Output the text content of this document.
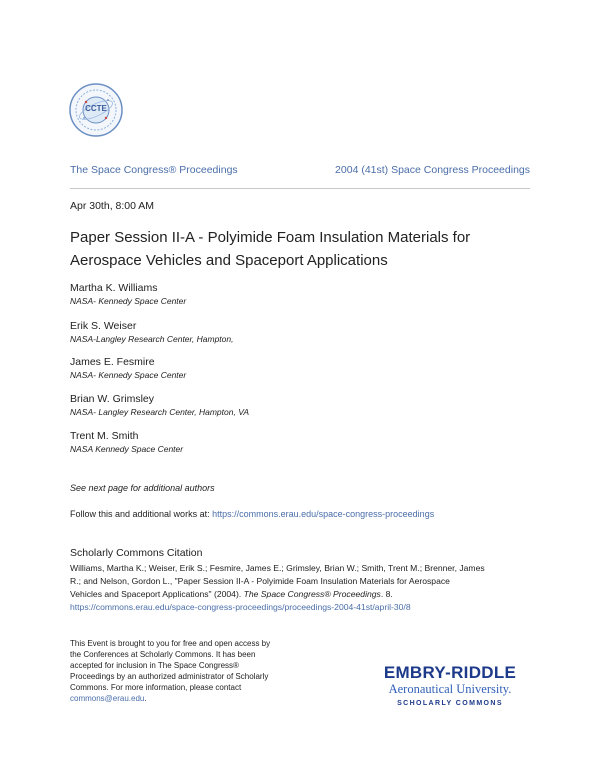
CCTE
The Space Congress® Proceedings	2004 (41st) Space Congress Proceedings
Apr 30th, 8:00 AM
Paper Session II-A - Polyimide Foam Insulation Materials for
Aerospace Vehicles and Spaceport Applications
Martha K. Williams
NASA- Kennedy Space Center
Erik S. Weiser
NASA-Langley Research Center, Hampton,
James E. Fesmire
NASA- Kennedy Space Center
Brian W. Grimsley
NASA- Langley Research Center, Hampton, VA
Trent M. Smith
NASA Kennedy Space Center
See next page for additional authors
Follow this and additional works at: https://commons.erau.edu/space-congress-proceedings
Scholarly Commons Citation
Williams, Martha K.; Weiser, Erik S.; Fesmire, James E.; Grimsley, Brian W.; Smith, Trent M.; Brenner, James
R.; and Nelson, Gordon L., "Paper Session II-A - Polyimide Foam Insulation Materials for Aerospace
Vehicles and Spaceport Applications" (2004). The Space Congress® Proceedings. 8.
https://commons.erau.edu/space-congress-proceedings/proceedings-2004-41st/april-30/8
This Event is brought to you for free and open access by
the Conferences at Scholarly Commons. It has been
accepted for inclusion in The Space Congress®
Proceedings by an authorized administrator of Scholarly
Commons. For more information, please contact
commons@erau.edu.
EMBRY-RIDDLE
Aeronautical University.
SCHOLARLY COMMONS
